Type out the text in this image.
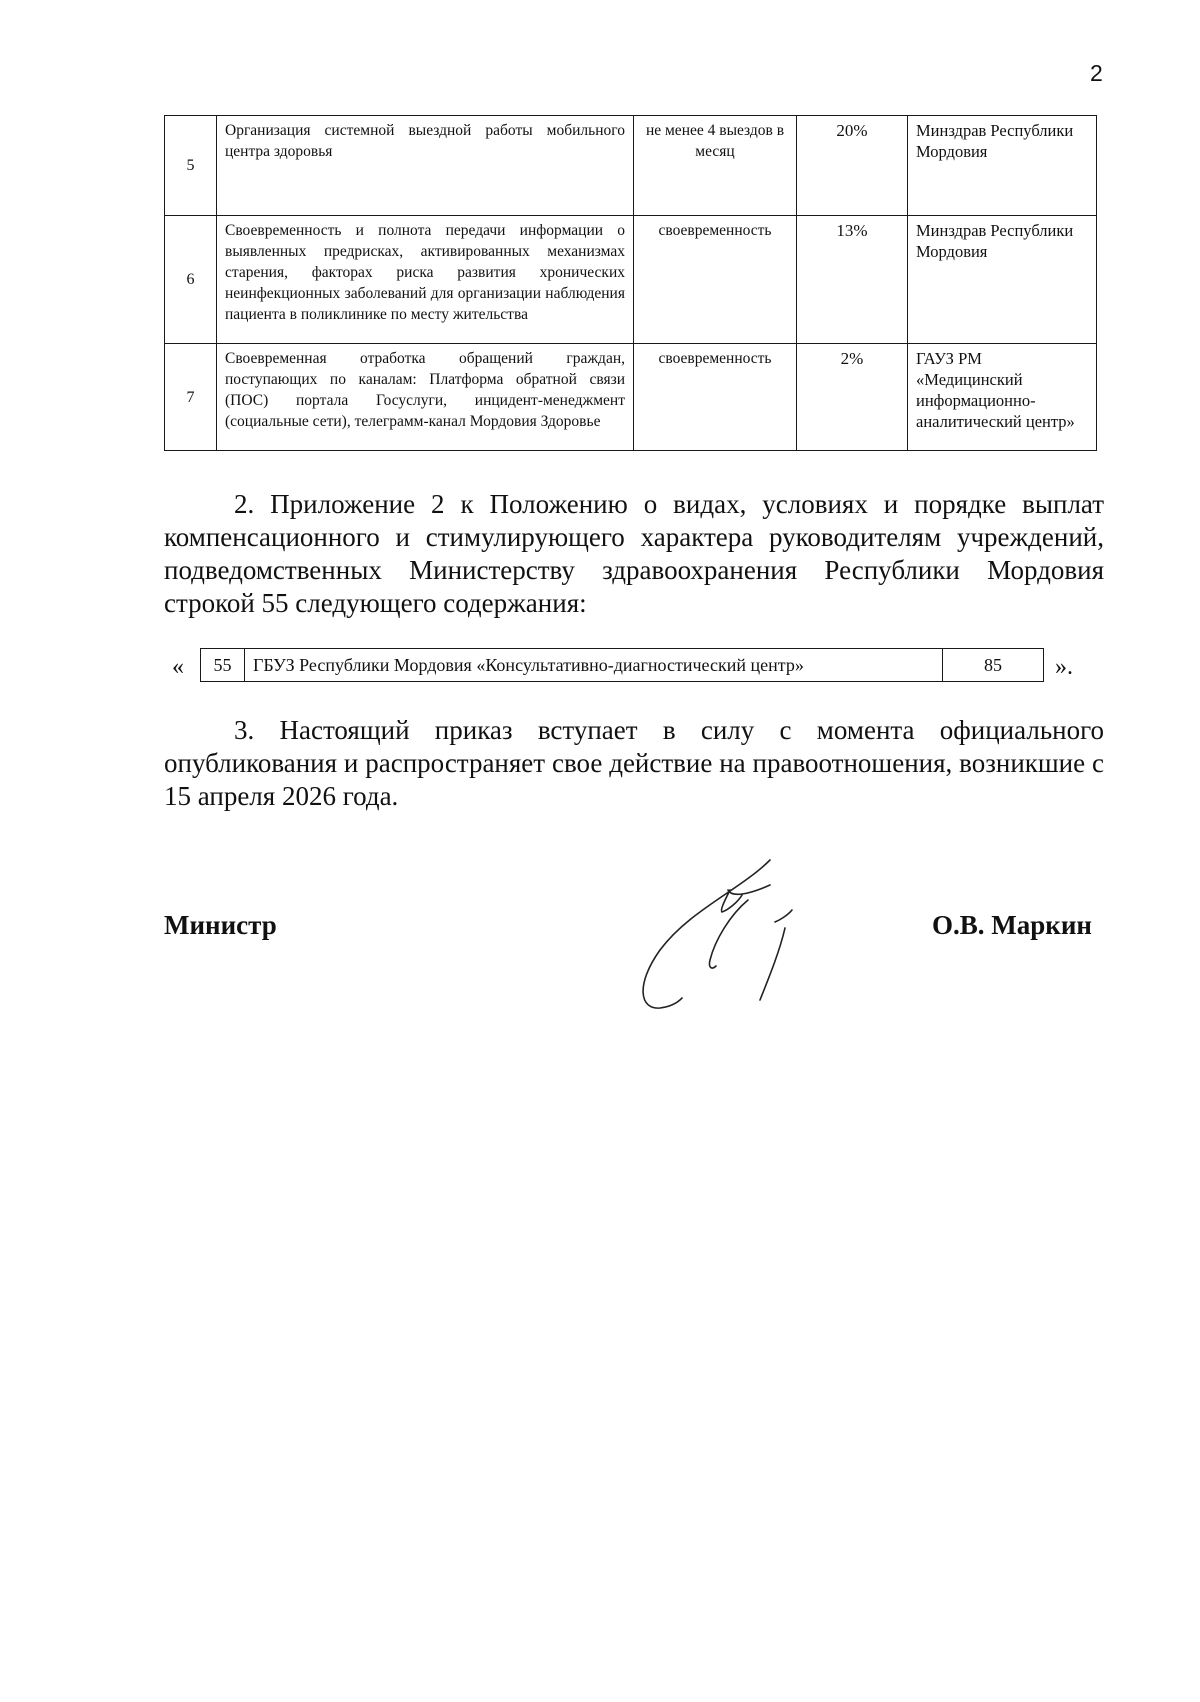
2
5	Организация системной выездной работы мобильного центра здоровья	не менее 4 выездов в месяц	20%	Минздрав Республики Мордовия
6	Своевременность и полнота передачи информации о выявленных предрисках, активированных механизмах старения, факторах риска развития хронических неинфекционных заболеваний для организации наблюдения пациента в поликлинике по месту жительства	своевременность	13%	Минздрав Республики Мордовия
7	Своевременная отработка обращений граждан, поступающих по каналам: Платформа обратной связи (ПОС) портала Госуслуги, инцидент-менеджмент (социальные сети), телеграмм-канал Мордовия Здоровье	своевременность	2%	ГАУЗ РМ «Медицинский информационно-аналитический центр»
2. Приложение 2 к Положению о видах, условиях и порядке выплат компенсационного и стимулирующего характера руководителям учреждений, подведомственных Министерству здравоохранения Республики Мордовия строкой 55 следующего содержания:
« 55	ГБУЗ Республики Мордовия «Консультативно-диагностический центр»	85 ».
3. Настоящий приказ вступает в силу с момента официального опубликования и распространяет свое действие на правоотношения, возникшие с 15 апреля 2026 года.
Министр	О.В. Маркин
